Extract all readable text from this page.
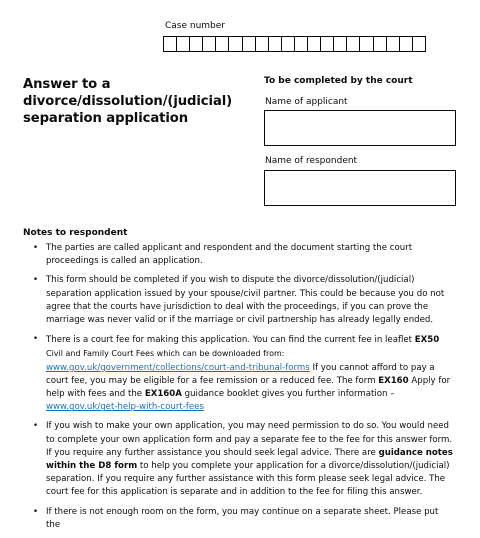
Case number
Answer to a divorce/dissolution/(judicial) separation application
To be completed by the court
Name of applicant
Name of respondent
Notes to respondent
• The parties are called applicant and respondent and the document starting the court proceedings is called an application.
• This form should be completed if you wish to dispute the divorce/dissolution/(judicial) separation application issued by your spouse/civil partner. This could be because you do not agree that the courts have jurisdiction to deal with the proceedings, if you can prove the marriage was never valid or if the marriage or civil partnership has already legally ended.
• There is a court fee for making this application. You can find the current fee in leaflet EX50 Civil and Family Court Fees which can be downloaded from: www.gov.uk/government/collections/court-and-tribunal-forms If you cannot afford to pay a court fee, you may be eligible for a fee remission or a reduced fee. The form EX160 Apply for help with fees and the EX160A guidance booklet gives you further information – www.gov.uk/get-help-with-court-fees
• If you wish to make your own application, you may need permission to do so. You would need to complete your own application form and pay a separate fee to the fee for this answer form. If you require any further assistance you should seek legal advice. There are guidance notes within the D8 form to help you complete your application for a divorce/dissolution/(judicial) separation. If you require any further assistance with this form please seek legal advice. The court fee for this application is separate and in addition to the fee for filing this answer.
• If there is not enough room on the form, you may continue on a separate sheet. Please put the
